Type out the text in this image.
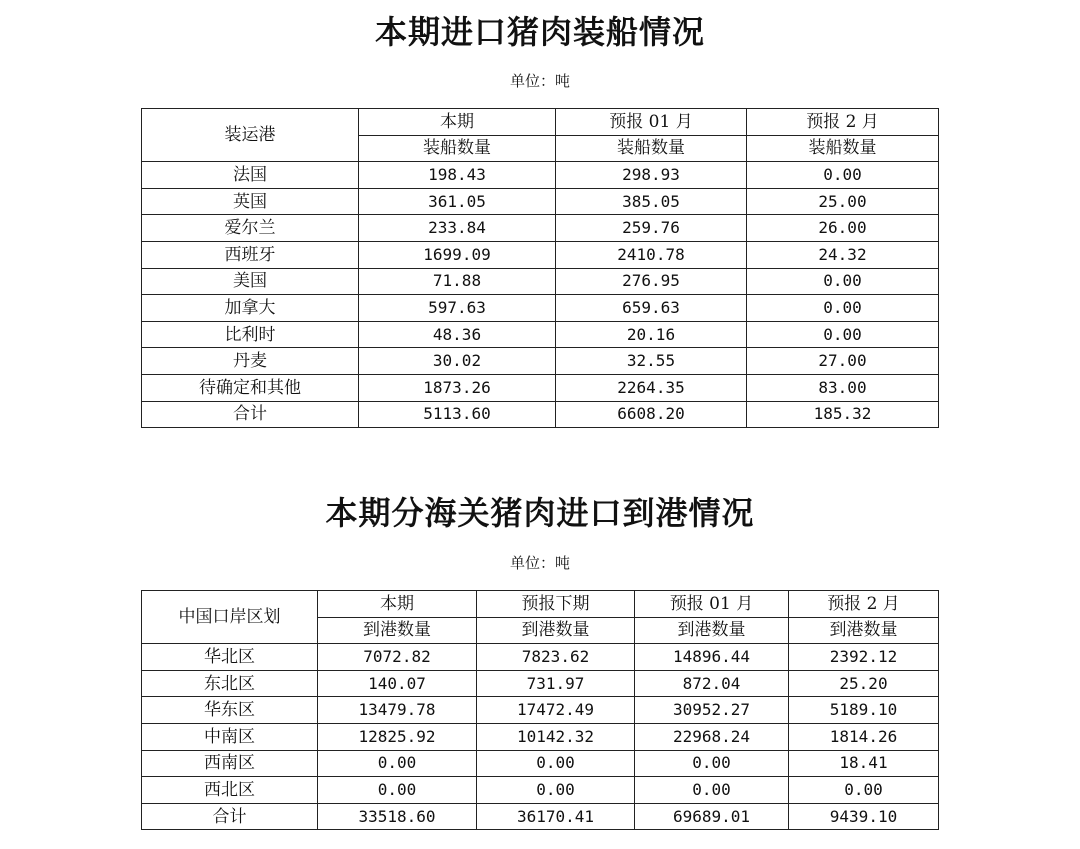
本期进口猪肉装船情况
单位：吨
装运港	本期	预报 01 月	预报 2 月
	装船数量	装船数量	装船数量
法国	198.43	298.93	0.00
英国	361.05	385.05	25.00
爱尔兰	233.84	259.76	26.00
西班牙	1699.09	2410.78	24.32
美国	71.88	276.95	0.00
加拿大	597.63	659.63	0.00
比利时	48.36	20.16	0.00
丹麦	30.02	32.55	27.00
待确定和其他	1873.26	2264.35	83.00
合计	5113.60	6608.20	185.32
本期分海关猪肉进口到港情况
单位：吨
中国口岸区划	本期	预报下期	预报 01 月	预报 2 月
	到港数量	到港数量	到港数量	到港数量
华北区	7072.82	7823.62	14896.44	2392.12
东北区	140.07	731.97	872.04	25.20
华东区	13479.78	17472.49	30952.27	5189.10
中南区	12825.92	10142.32	22968.24	1814.26
西南区	0.00	0.00	0.00	18.41
西北区	0.00	0.00	0.00	0.00
合计	33518.60	36170.41	69689.01	9439.10
